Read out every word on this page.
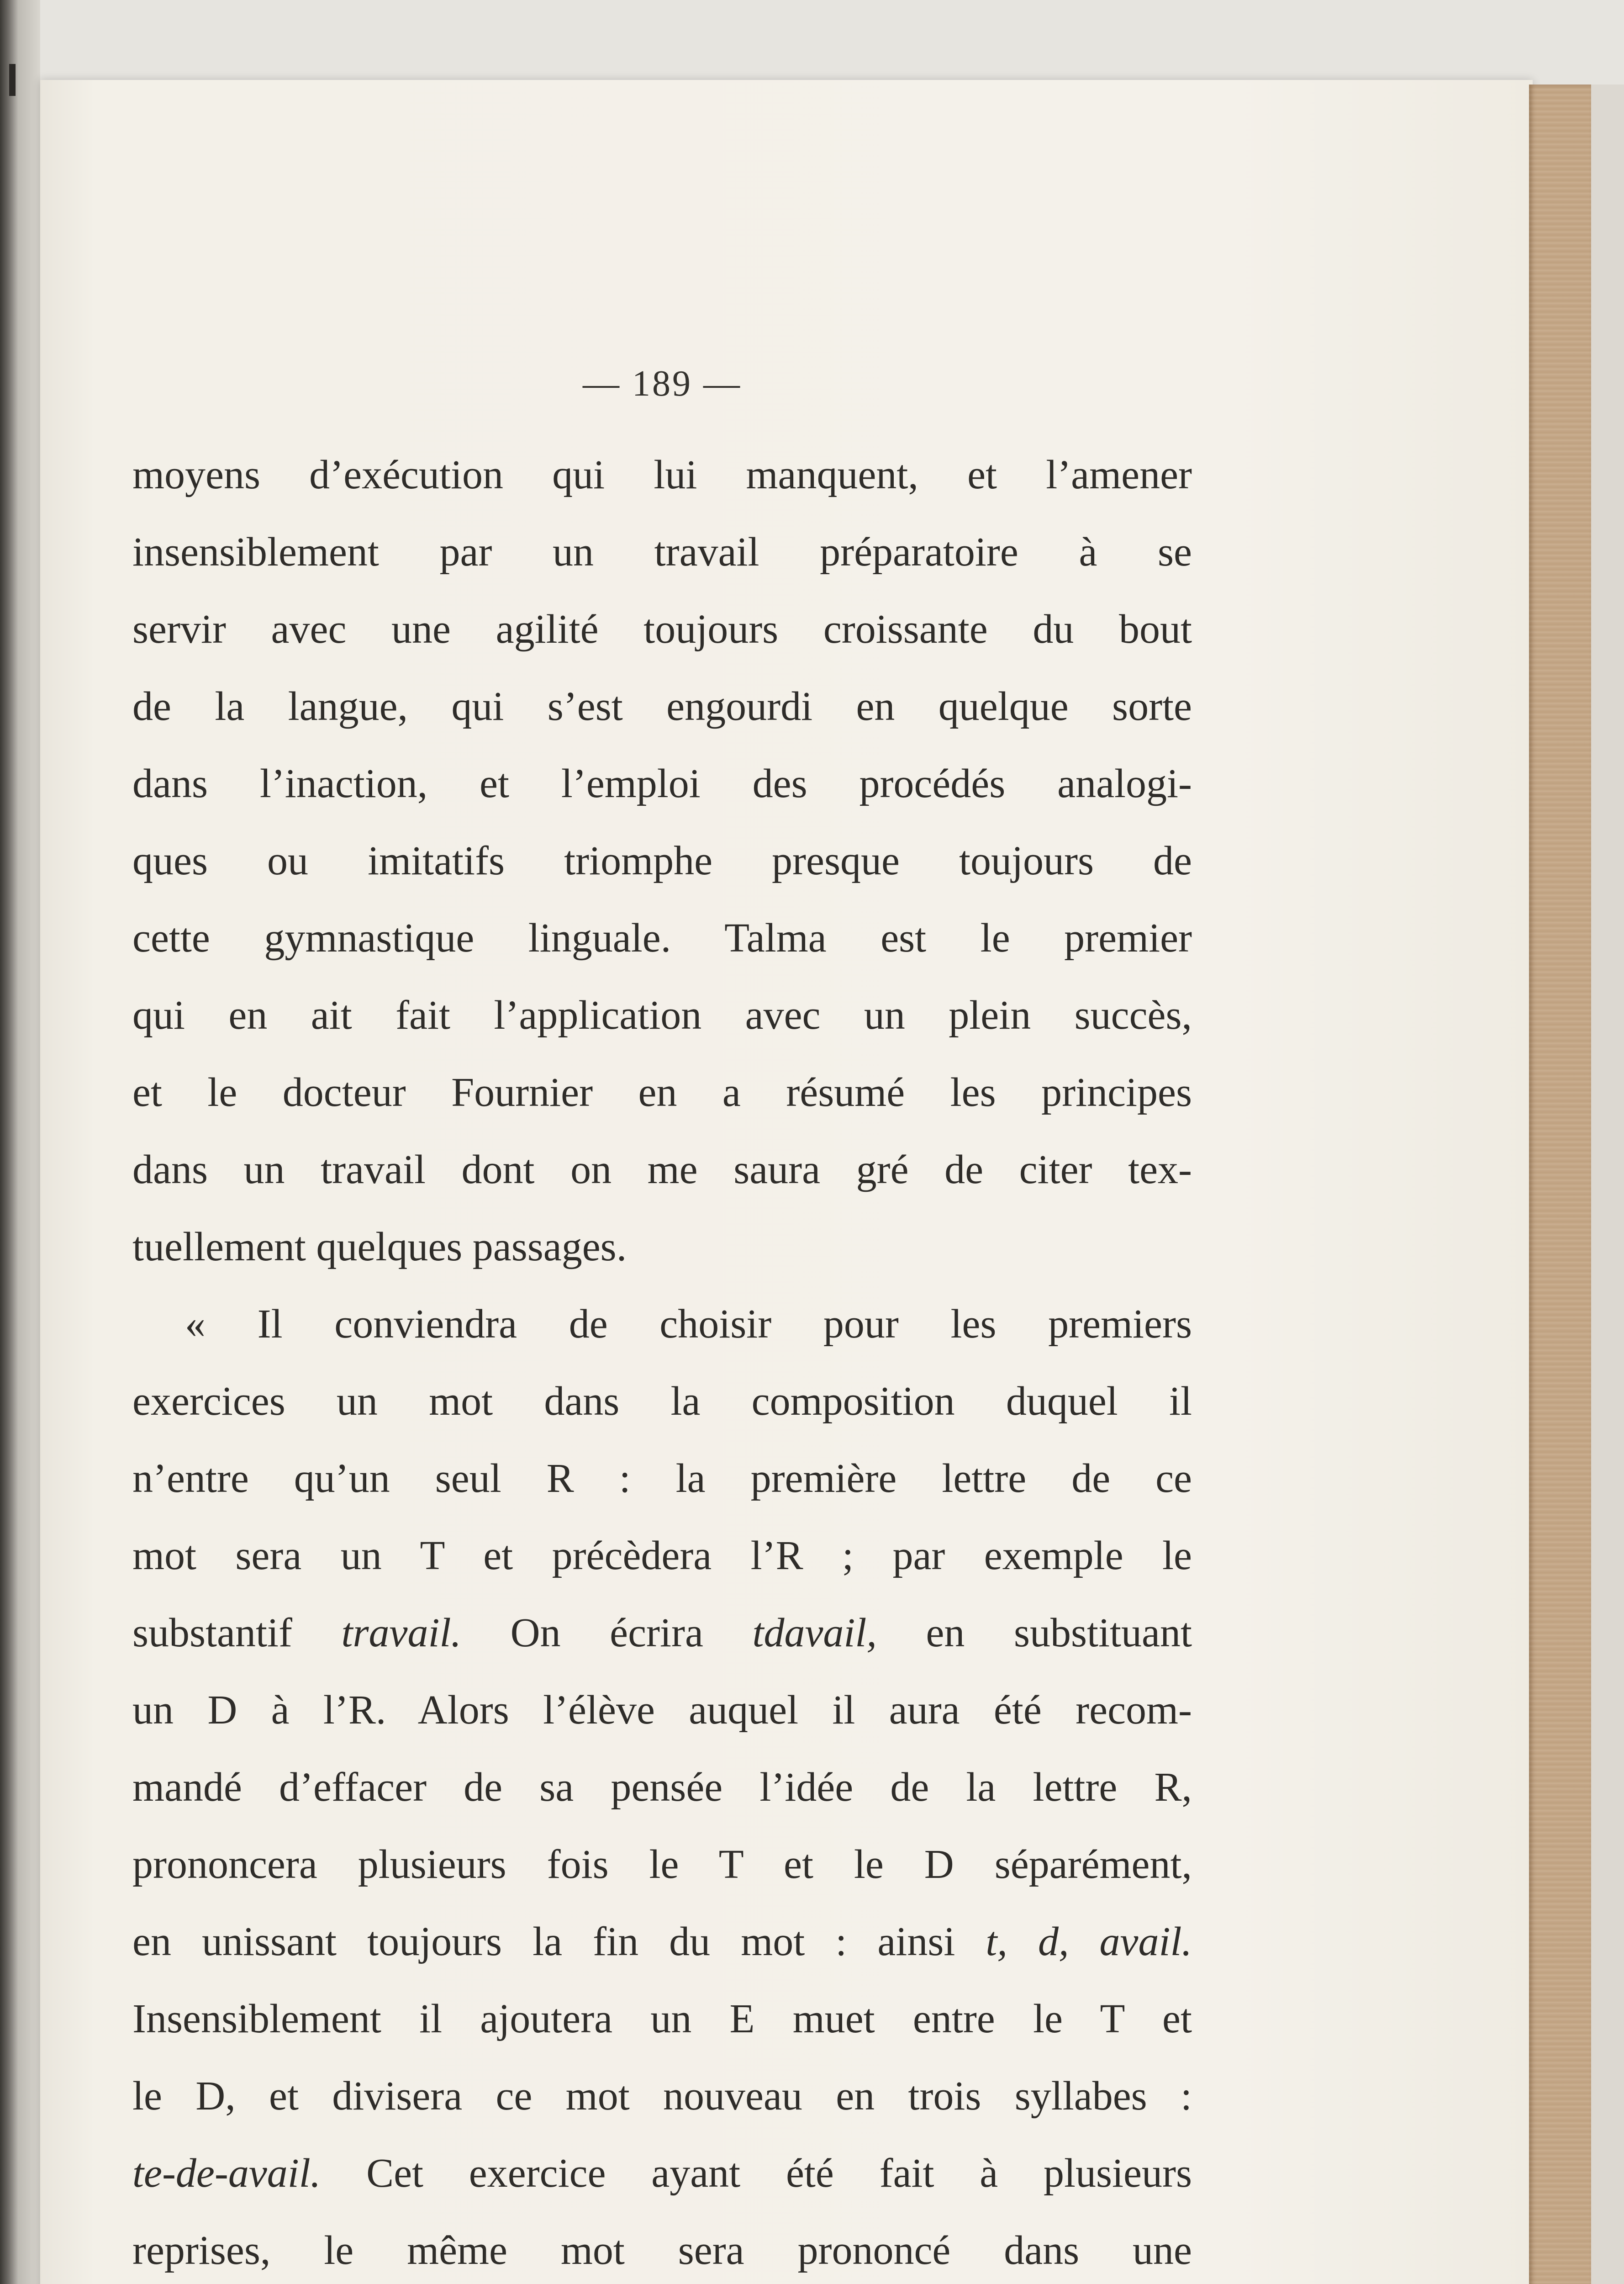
— 189 —
moyens d’exécution qui lui manquent, et l’amener
insensiblement par un travail préparatoire à se
servir avec une agilité toujours croissante du bout
de la langue, qui s’est engourdi en quelque sorte
dans l’inaction, et l’emploi des procédés analogi-
ques ou imitatifs triomphe presque toujours de
cette gymnastique linguale. Talma est le premier
qui en ait fait l’application avec un plein succès,
et le docteur Fournier en a résumé les principes
dans un travail dont on me saura gré de citer tex-
tuellement quelques passages.
« Il conviendra de choisir pour les premiers
exercices un mot dans la composition duquel il
n’entre qu’un seul R : la première lettre de ce
mot sera un T et précèdera l’R ; par exemple le
substantif travail. On écrira tdavail, en substituant
un D à l’R. Alors l’élève auquel il aura été recom-
mandé d’effacer de sa pensée l’idée de la lettre R,
prononcera plusieurs fois le T et le D séparément,
en unissant toujours la fin du mot : ainsi t, d, avail.
Insensiblement il ajoutera un E muet entre le T et
le D, et divisera ce mot nouveau en trois syllabes :
te-de-avail. Cet exercice ayant été fait à plusieurs
reprises, le même mot sera prononcé dans une
